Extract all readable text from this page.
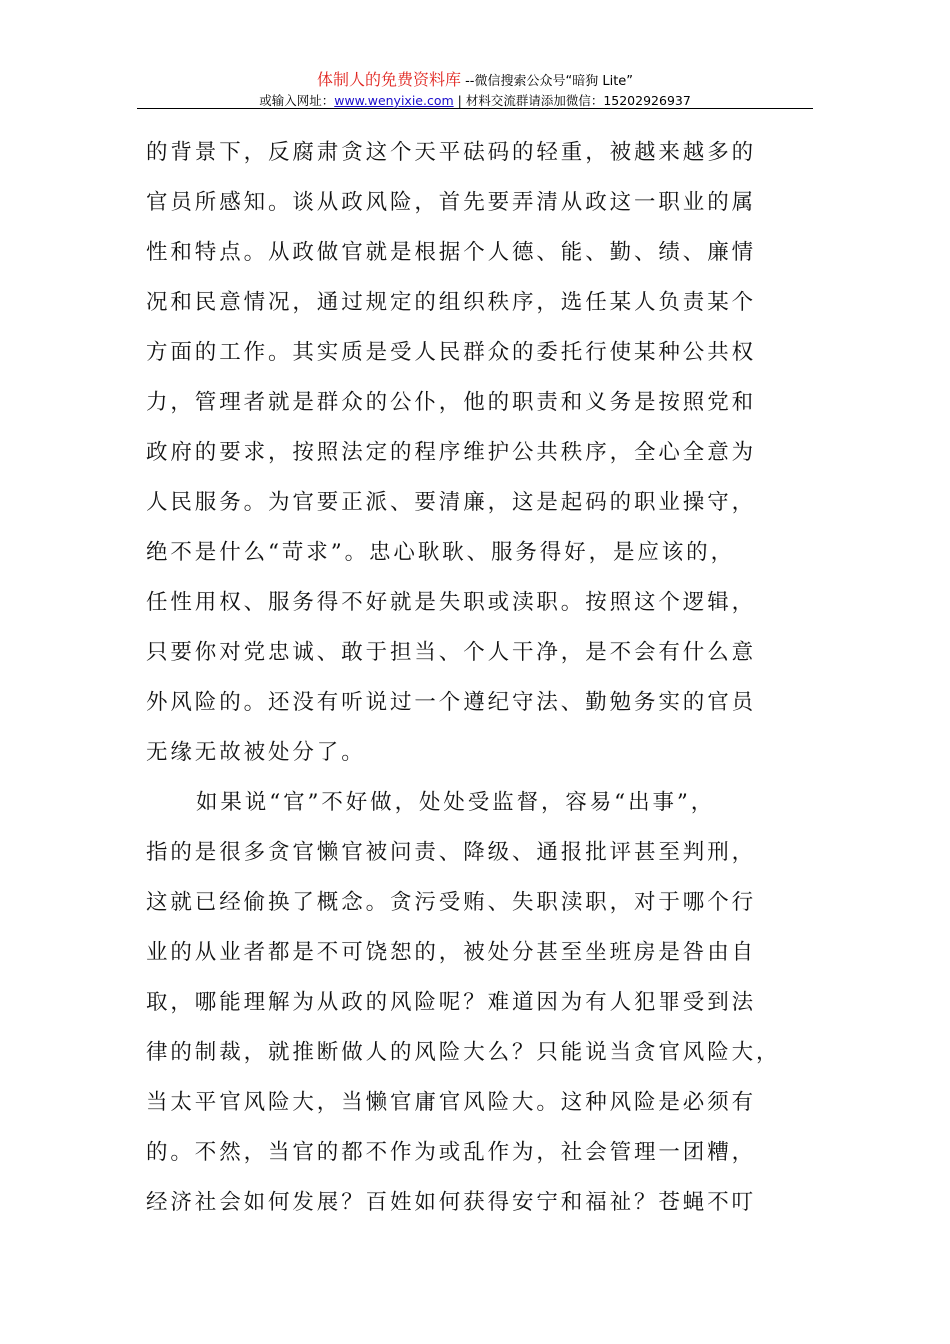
体制人的免费资料库 --微信搜索公众号“暗狗 Lite”
或输入网址：www.wenyixie.com | 材料交流群请添加微信：15202926937
的背景下，反腐肃贪这个天平砝码的轻重，被越来越多的
官员所感知。谈从政风险，首先要弄清从政这一职业的属
性和特点。从政做官就是根据个人德、能、勤、绩、廉情
况和民意情况，通过规定的组织秩序，选任某人负责某个
方面的工作。其实质是受人民群众的委托行使某种公共权
力，管理者就是群众的公仆，他的职责和义务是按照党和
政府的要求，按照法定的程序维护公共秩序，全心全意为
人民服务。为官要正派、要清廉，这是起码的职业操守，
绝不是什么“苛求”。忠心耿耿、服务得好，是应该的，
任性用权、服务得不好就是失职或渎职。按照这个逻辑，
只要你对党忠诚、敢于担当、个人干净，是不会有什么意
外风险的。还没有听说过一个遵纪守法、勤勉务实的官员
无缘无故被处分了。
如果说“官”不好做，处处受监督，容易“出事”，
指的是很多贪官懒官被问责、降级、通报批评甚至判刑，
这就已经偷换了概念。贪污受贿、失职渎职，对于哪个行
业的从业者都是不可饶恕的，被处分甚至坐班房是咎由自
取，哪能理解为从政的风险呢？难道因为有人犯罪受到法
律的制裁，就推断做人的风险大么？只能说当贪官风险大，
当太平官风险大，当懒官庸官风险大。这种风险是必须有
的。不然，当官的都不作为或乱作为，社会管理一团糟，
经济社会如何发展？百姓如何获得安宁和福祉？苍蝇不叮
